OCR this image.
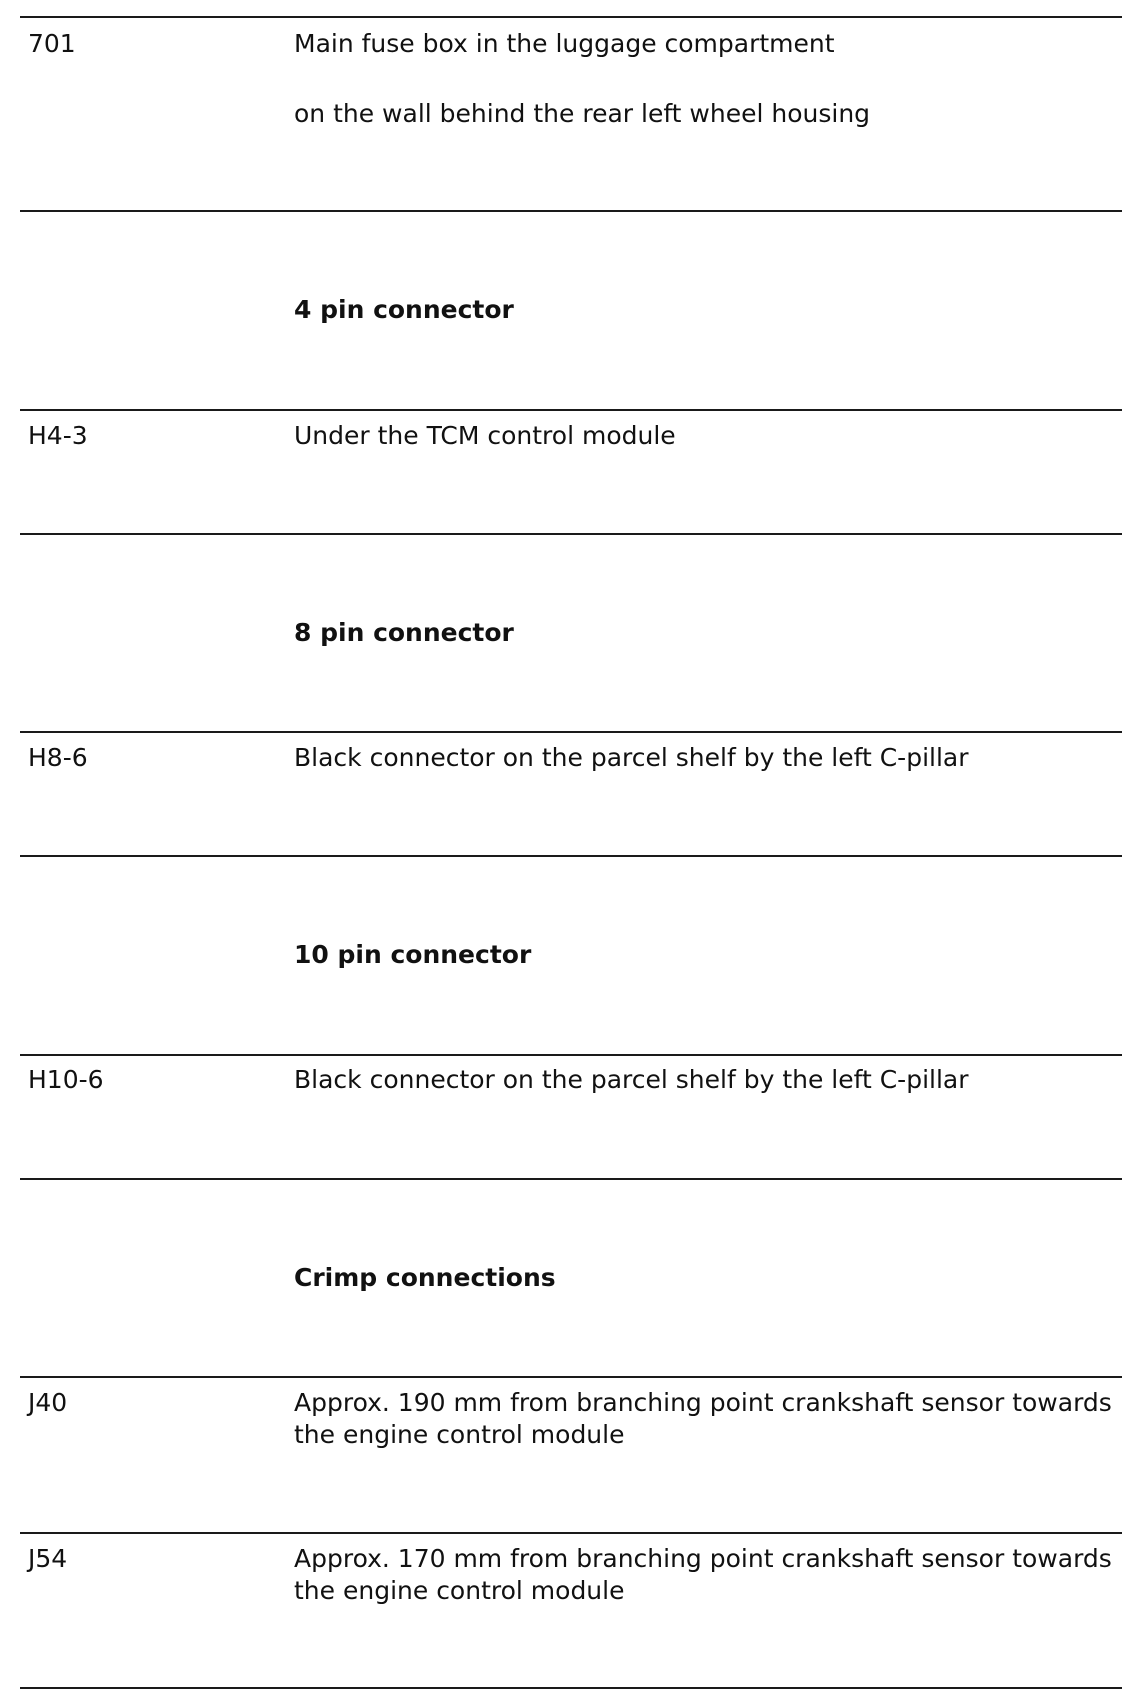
701	Main fuse box in the luggage compartment

on the wall behind the rear left wheel housing

4 pin connector
H4-3	Under the TCM control module
8 pin connector
H8-6	Black connector on the parcel shelf by the left C-pillar
10 pin connector
H10-6	Black connector on the parcel shelf by the left C-pillar
Crimp connections
J40	Approx. 190 mm from branching point crankshaft sensor towards the engine control module
J54	Approx. 170 mm from branching point crankshaft sensor towards the engine control module
